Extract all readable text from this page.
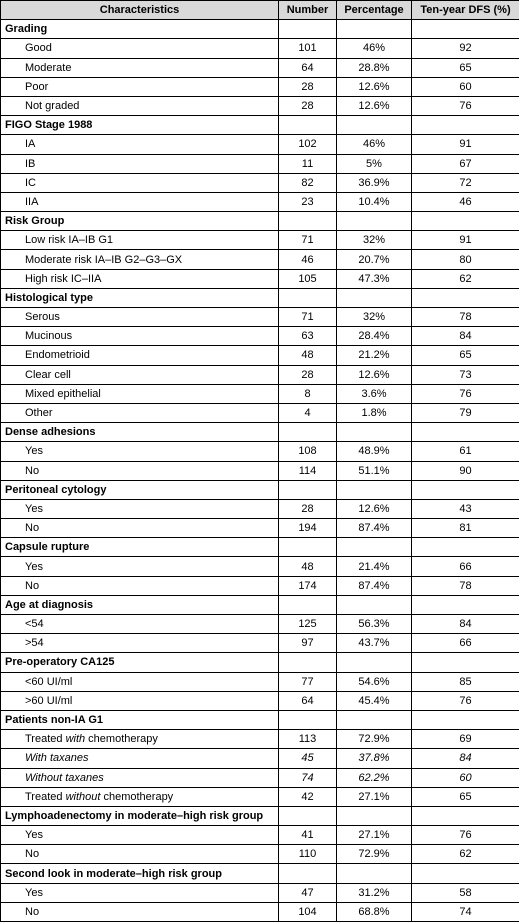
Characteristics	Number	Percentage	Ten-year DFS (%)
Grading			
Good	101	46%	92
Moderate	64	28.8%	65
Poor	28	12.6%	60
Not graded	28	12.6%	76
FIGO Stage 1988			
IA	102	46%	91
IB	11	5%	67
IC	82	36.9%	72
IIA	23	10.4%	46
Risk Group			
Low risk IA–IB G1	71	32%	91
Moderate risk IA–IB G2–G3–GX	46	20.7%	80
High risk IC–IIA	105	47.3%	62
Histological type			
Serous	71	32%	78
Mucinous	63	28.4%	84
Endometrioid	48	21.2%	65
Clear cell	28	12.6%	73
Mixed epithelial	8	3.6%	76
Other	4	1.8%	79
Dense adhesions			
Yes	108	48.9%	61
No	114	51.1%	90
Peritoneal cytology			
Yes	28	12.6%	43
No	194	87.4%	81
Capsule rupture			
Yes	48	21.4%	66
No	174	87.4%	78
Age at diagnosis			
<54	125	56.3%	84
>54	97	43.7%	66
Pre-operatory CA125			
<60 UI/ml	77	54.6%	85
>60 UI/ml	64	45.4%	76
Patients non-IA G1			
Treated with chemotherapy	113	72.9%	69
With taxanes	45	37.8%	84
Without taxanes	74	62.2%	60
Treated without chemotherapy	42	27.1%	65
Lymphoadenectomy in moderate–high risk group			
Yes	41	27.1%	76
No	110	72.9%	62
Second look in moderate–high risk group			
Yes	47	31.2%	58
No	104	68.8%	74
